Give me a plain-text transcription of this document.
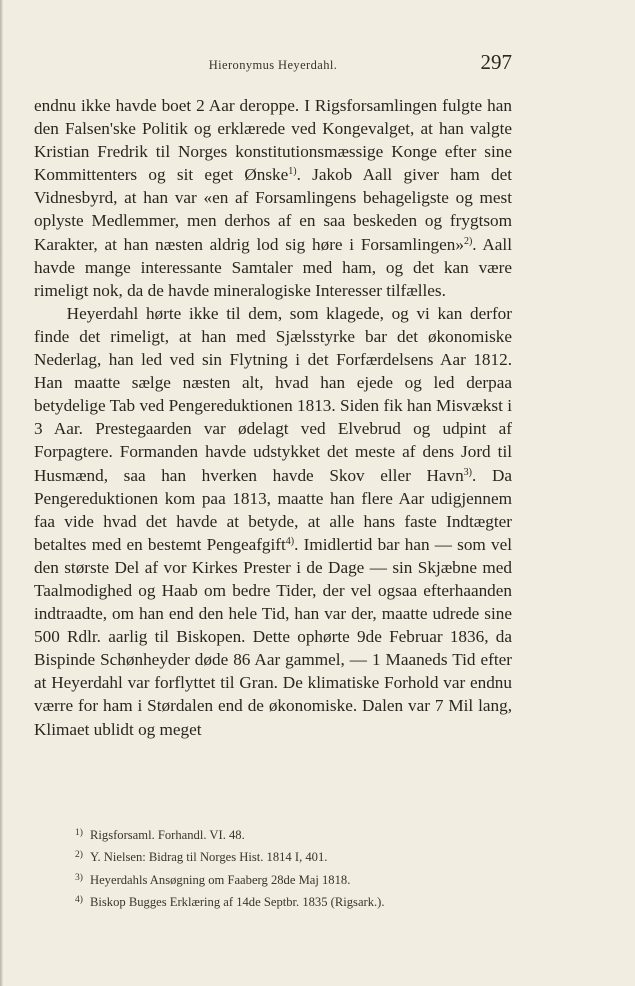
Hieronymus Heyerdahl.	297

endnu ikke havde boet 2 Aar deroppe. I Rigsforsamlingen fulgte han den Falsen'ske Politik og erklærede ved Kongevalget, at han valgte Kristian Fredrik til Norges konstitutionsmæssige Konge efter sine Kommittenters og sit eget Ønske$^{1)}$. Jakob Aall giver ham det Vidnesbyrd, at han var «en af Forsamlingens behageligste og mest oplyste Medlemmer, men derhos af en saa beskeden og frygtsom Karakter, at han næsten aldrig lod sig høre i Forsamlingen»$^{2)}$. Aall havde mange interessante Samtaler med ham, og det kan være rimeligt nok, da de havde mineralogiske Interesser tilfælles.

Heyerdahl hørte ikke til dem, som klagede, og vi kan derfor finde det rimeligt, at han med Sjælsstyrke bar det økonomiske Nederlag, han led ved sin Flytning i det Forfærdelsens Aar 1812. Han maatte sælge næsten alt, hvad han ejede og led derpaa betydelige Tab ved Pengereduktionen 1813. Siden fik han Misvækst i 3 Aar. Prestegaarden var ødelagt ved Elvebrud og udpint af Forpagtere. Formanden havde udstykket det meste af dens Jord til Husmænd, saa han hverken havde Skov eller Havn$^{3)}$. Da Pengereduktionen kom paa 1813, maatte han flere Aar udigjennem faa vide hvad det havde at betyde, at alle hans faste Indtægter betaltes med en bestemt Pengeafgift$^{4)}$. Imidlertid bar han — som vel den største Del af vor Kirkes Prester i de Dage — sin Skjæbne med Taalmodighed og Haab om bedre Tider, der vel ogsaa efterhaanden indtraadte, om han end den hele Tid, han var der, maatte udrede sine 500 Rdlr. aarlig til Biskopen. Dette ophørte 9de Februar 1836, da Bispinde Schønheyder døde 86 Aar gammel, — 1 Maaneds Tid efter at Heyerdahl var forflyttet til Gran. De klimatiske Forhold var endnu værre for ham i Størdalen end de økonomiske. Dalen var 7 Mil lang, Klimaet ublidt og meget

1) Rigsforsaml. Forhandl. VI. 48.
2) Y. Nielsen: Bidrag til Norges Hist. 1814 I, 401.
3) Heyerdahls Ansøgning om Faaberg 28de Maj 1818.
4) Biskop Bugges Erklæring af 14de Septbr. 1835 (Rigsark.).
